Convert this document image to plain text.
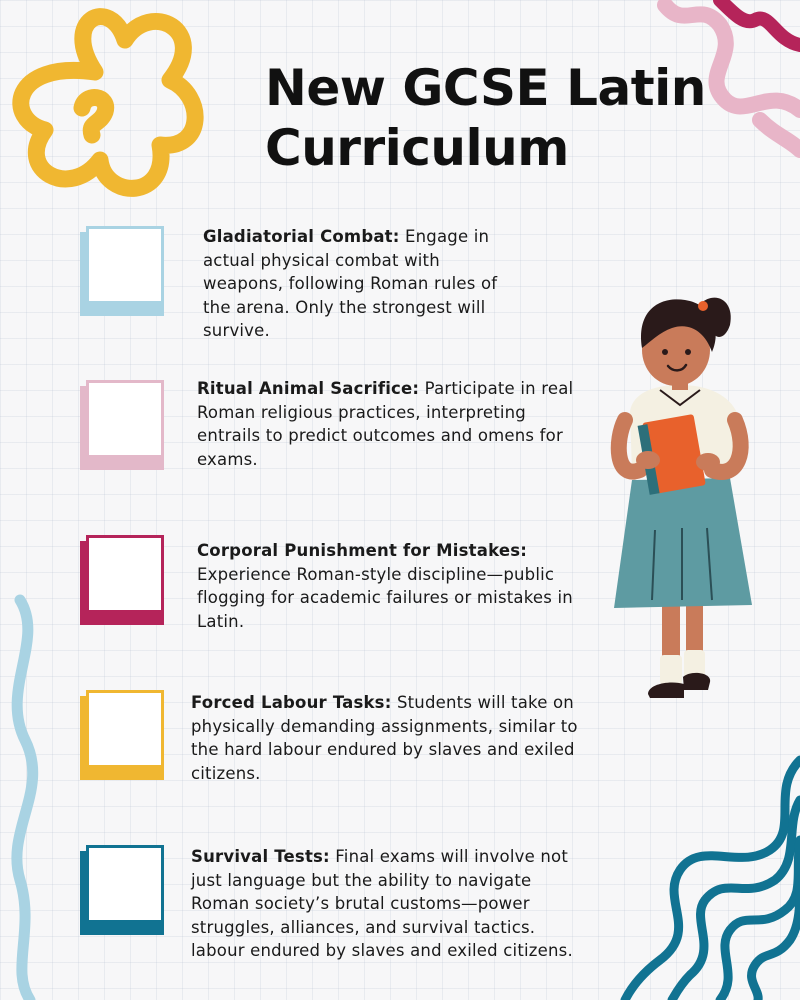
New GCSE Latin Curriculum
Gladiatorial Combat: Engage in actual physical combat with weapons, following Roman rules of the arena. Only the strongest will survive.
Ritual Animal Sacrifice: Participate in real Roman religious practices, interpreting entrails to predict outcomes and omens for exams.
Corporal Punishment for Mistakes: Experience Roman-style discipline—public flogging for academic failures or mistakes in Latin.
Forced Labour Tasks: Students will take on physically demanding assignments, similar to the hard labour endured by slaves and exiled citizens.
Survival Tests: Final exams will involve not just language but the ability to navigate Roman society’s brutal customs—power struggles, alliances, and survival tactics. labour endured by slaves and exiled citizens.
